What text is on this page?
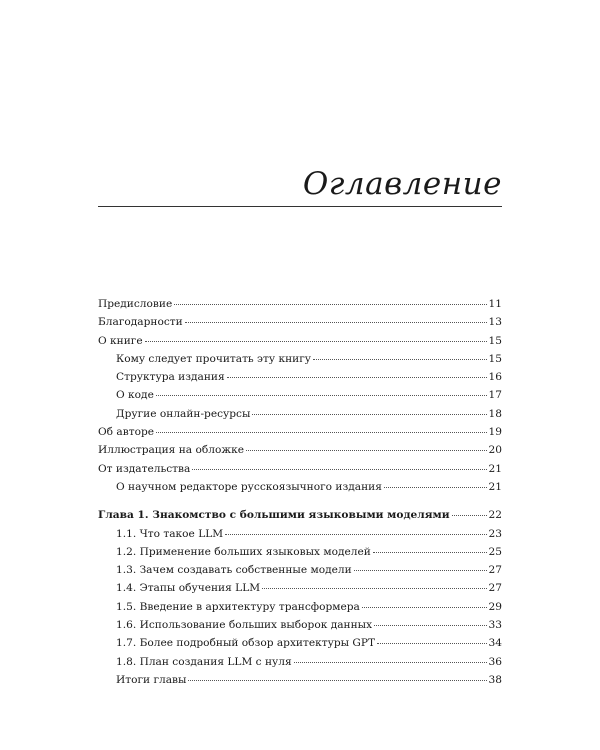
Оглавление
Предисловие	11
Благодарности	13
О книге	15
Кому следует прочитать эту книгу	15
Структура издания	16
О коде	17
Другие онлайн-ресурсы	18
Об авторе	19
Иллюстрация на обложке	20
От издательства	21
О научном редакторе русскоязычного издания	21
Глава 1. Знакомство с большими языковыми моделями	22
1.1. Что такое LLM	23
1.2. Применение больших языковых моделей	25
1.3. Зачем создавать собственные модели	27
1.4. Этапы обучения LLM	27
1.5. Введение в архитектуру трансформера	29
1.6. Использование больших выборок данных	33
1.7. Более подробный обзор архитектуры GPT	34
1.8. План создания LLM с нуля	36
Итоги главы	38
